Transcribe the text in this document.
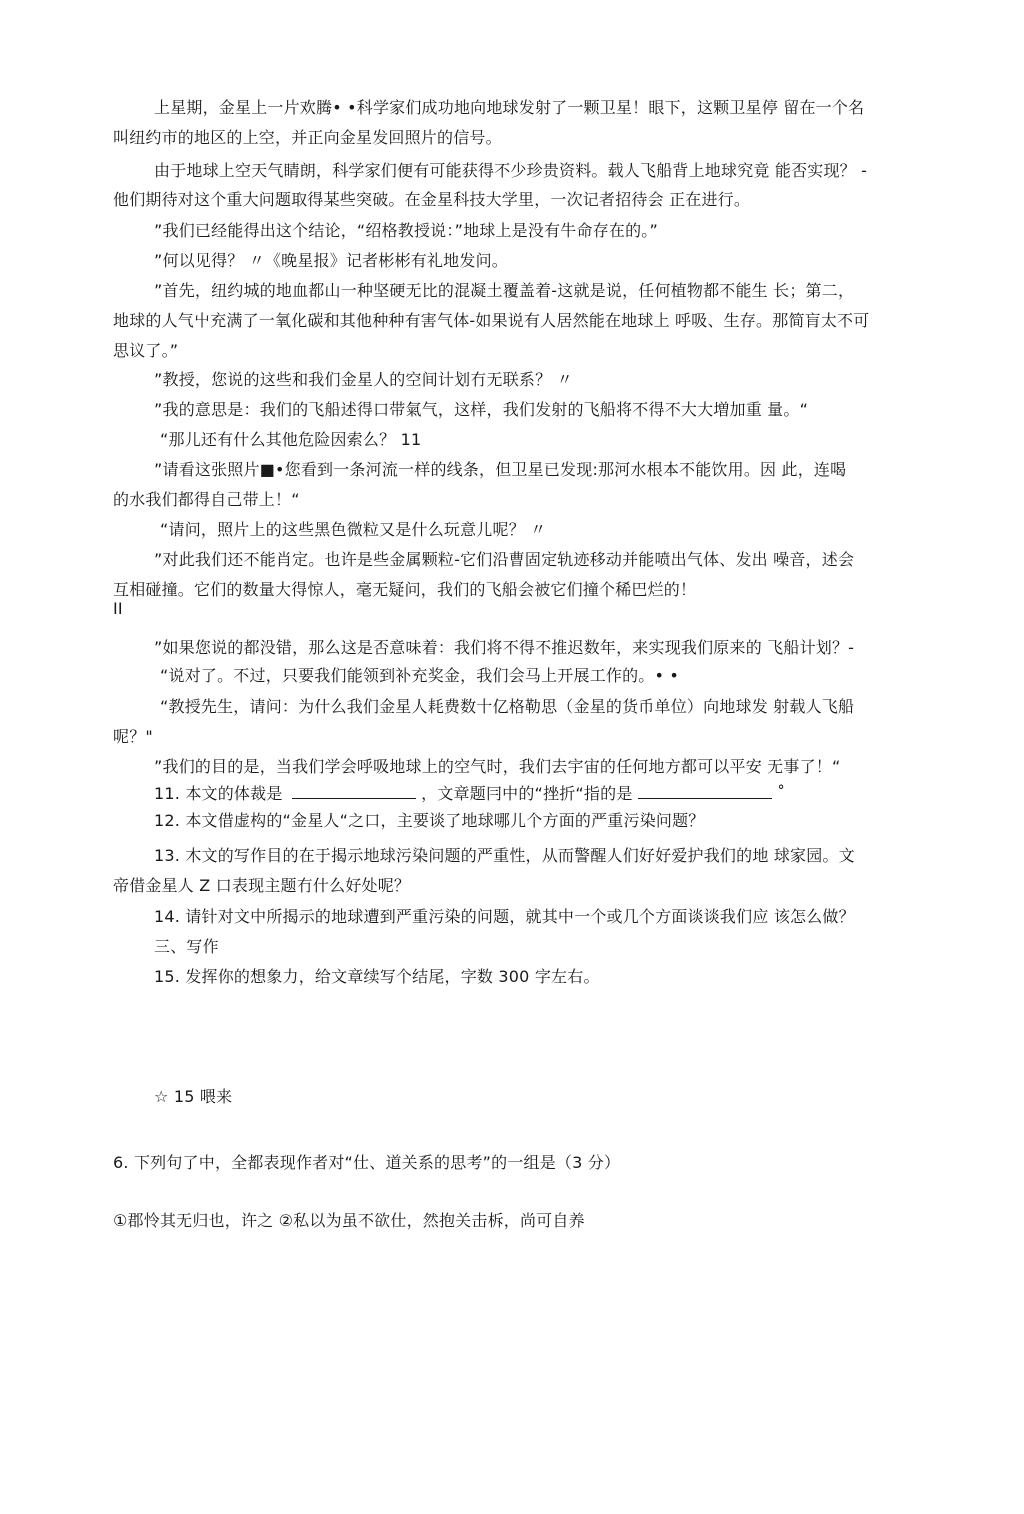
上星期，金星上一片欢腾• •科学家们成功地向地球发射了一颗卫星！眼下，这颗卫星停 留在一个名
叫纽约市的地区的上空，并正向金星发回照片的信号。
由于地球上空天气睛朗，科学家们便有可能获得不少珍贵资料。载人飞船背上地球究竟 能否实现？ -
他们期待对这个重大问题取得某些突破。在金星科技大学里，一次记者招待会 正在进行。
”我们已经能得出这个结论，“绍格教授说：”地球上是没有牛命存在的。”
”何以见得？ 〃《晚星报》记者彬彬有礼地发问。
”首先，纽约城的地血都山一种坚硬无比的混凝土覆盖着-这就是说，任何植物都不能生 长；第二，
地球的人气屮充满了一氧化碳和其他种种有害气体-如果说有人居然能在地球上 呼吸、生存。那简肓太不可
思议了。”
”教授，您说的这些和我们金星人的空间计划冇无联系？ 〃
”我的意思是：我们的飞船述得口带氣气，这样，我们发射的飞船将不得不大大増加重 量。“
“那儿还有什么其他危险因索么？ 11
”请看这张照片■•您看到一条河流一样的线条，但卫星已发现:那河水根本不能饮用。因 此，连喝
的水我们都得自己带上！“
“请问，照片上的这些黑色微粒又是什么玩意儿呢？ 〃
”对此我们还不能肖定。也许是些金属颗粒-它们沿曹固定轨迹移动并能喷出气体、发出 噪音，述会
互相碰撞。它们的数量大得惊人，毫无疑问，我们的飞船会被它们撞个稀巴烂的！
II
”如果您说的都没错，那么这是否意味着：我们将不得不推迟数年，来实现我们原来的 飞船计划？-
“说对了。不过，只要我们能领到补充奖金，我们会马上开展工作的。• •
“教授先生，请问：为什么我们金星人耗费数十亿格勒思（金星的货币单位）向地球发 射载人飞船
呢？"
”我们的目的是，当我们学会呼吸地球上的空气时，我们去宇宙的任何地方都可以平安 无事了！“
11. 本文的体裁是	，文章题冃中的“挫折“指的是	˚
12. 本文借虚构的“金星人“之口，主要谈了地球哪儿个方面的严重污染问题？
13. 木文的写作目的在于揭示地球污染问题的严重性，从而警醒人们好好爱护我们的地 球家园。文
帝借金星人 Z 口表现主题冇什么好处呢？
14. 请针对文中所揭示的地球遭到严重污染的问题，就其中一个或几个方面谈谈我们应 该怎么做？
三、写作
15. 发挥你的想象力，给文章续写个结尾，字数 300 字左右。
☆ 15 喂来
6. 下列句了中，全都表现作者对“仕、道关系的思考”的一组是（3 分）
①郡怜其无归也，许之 ②私以为虽不欲仕，然抱关击柝，尚可自养
